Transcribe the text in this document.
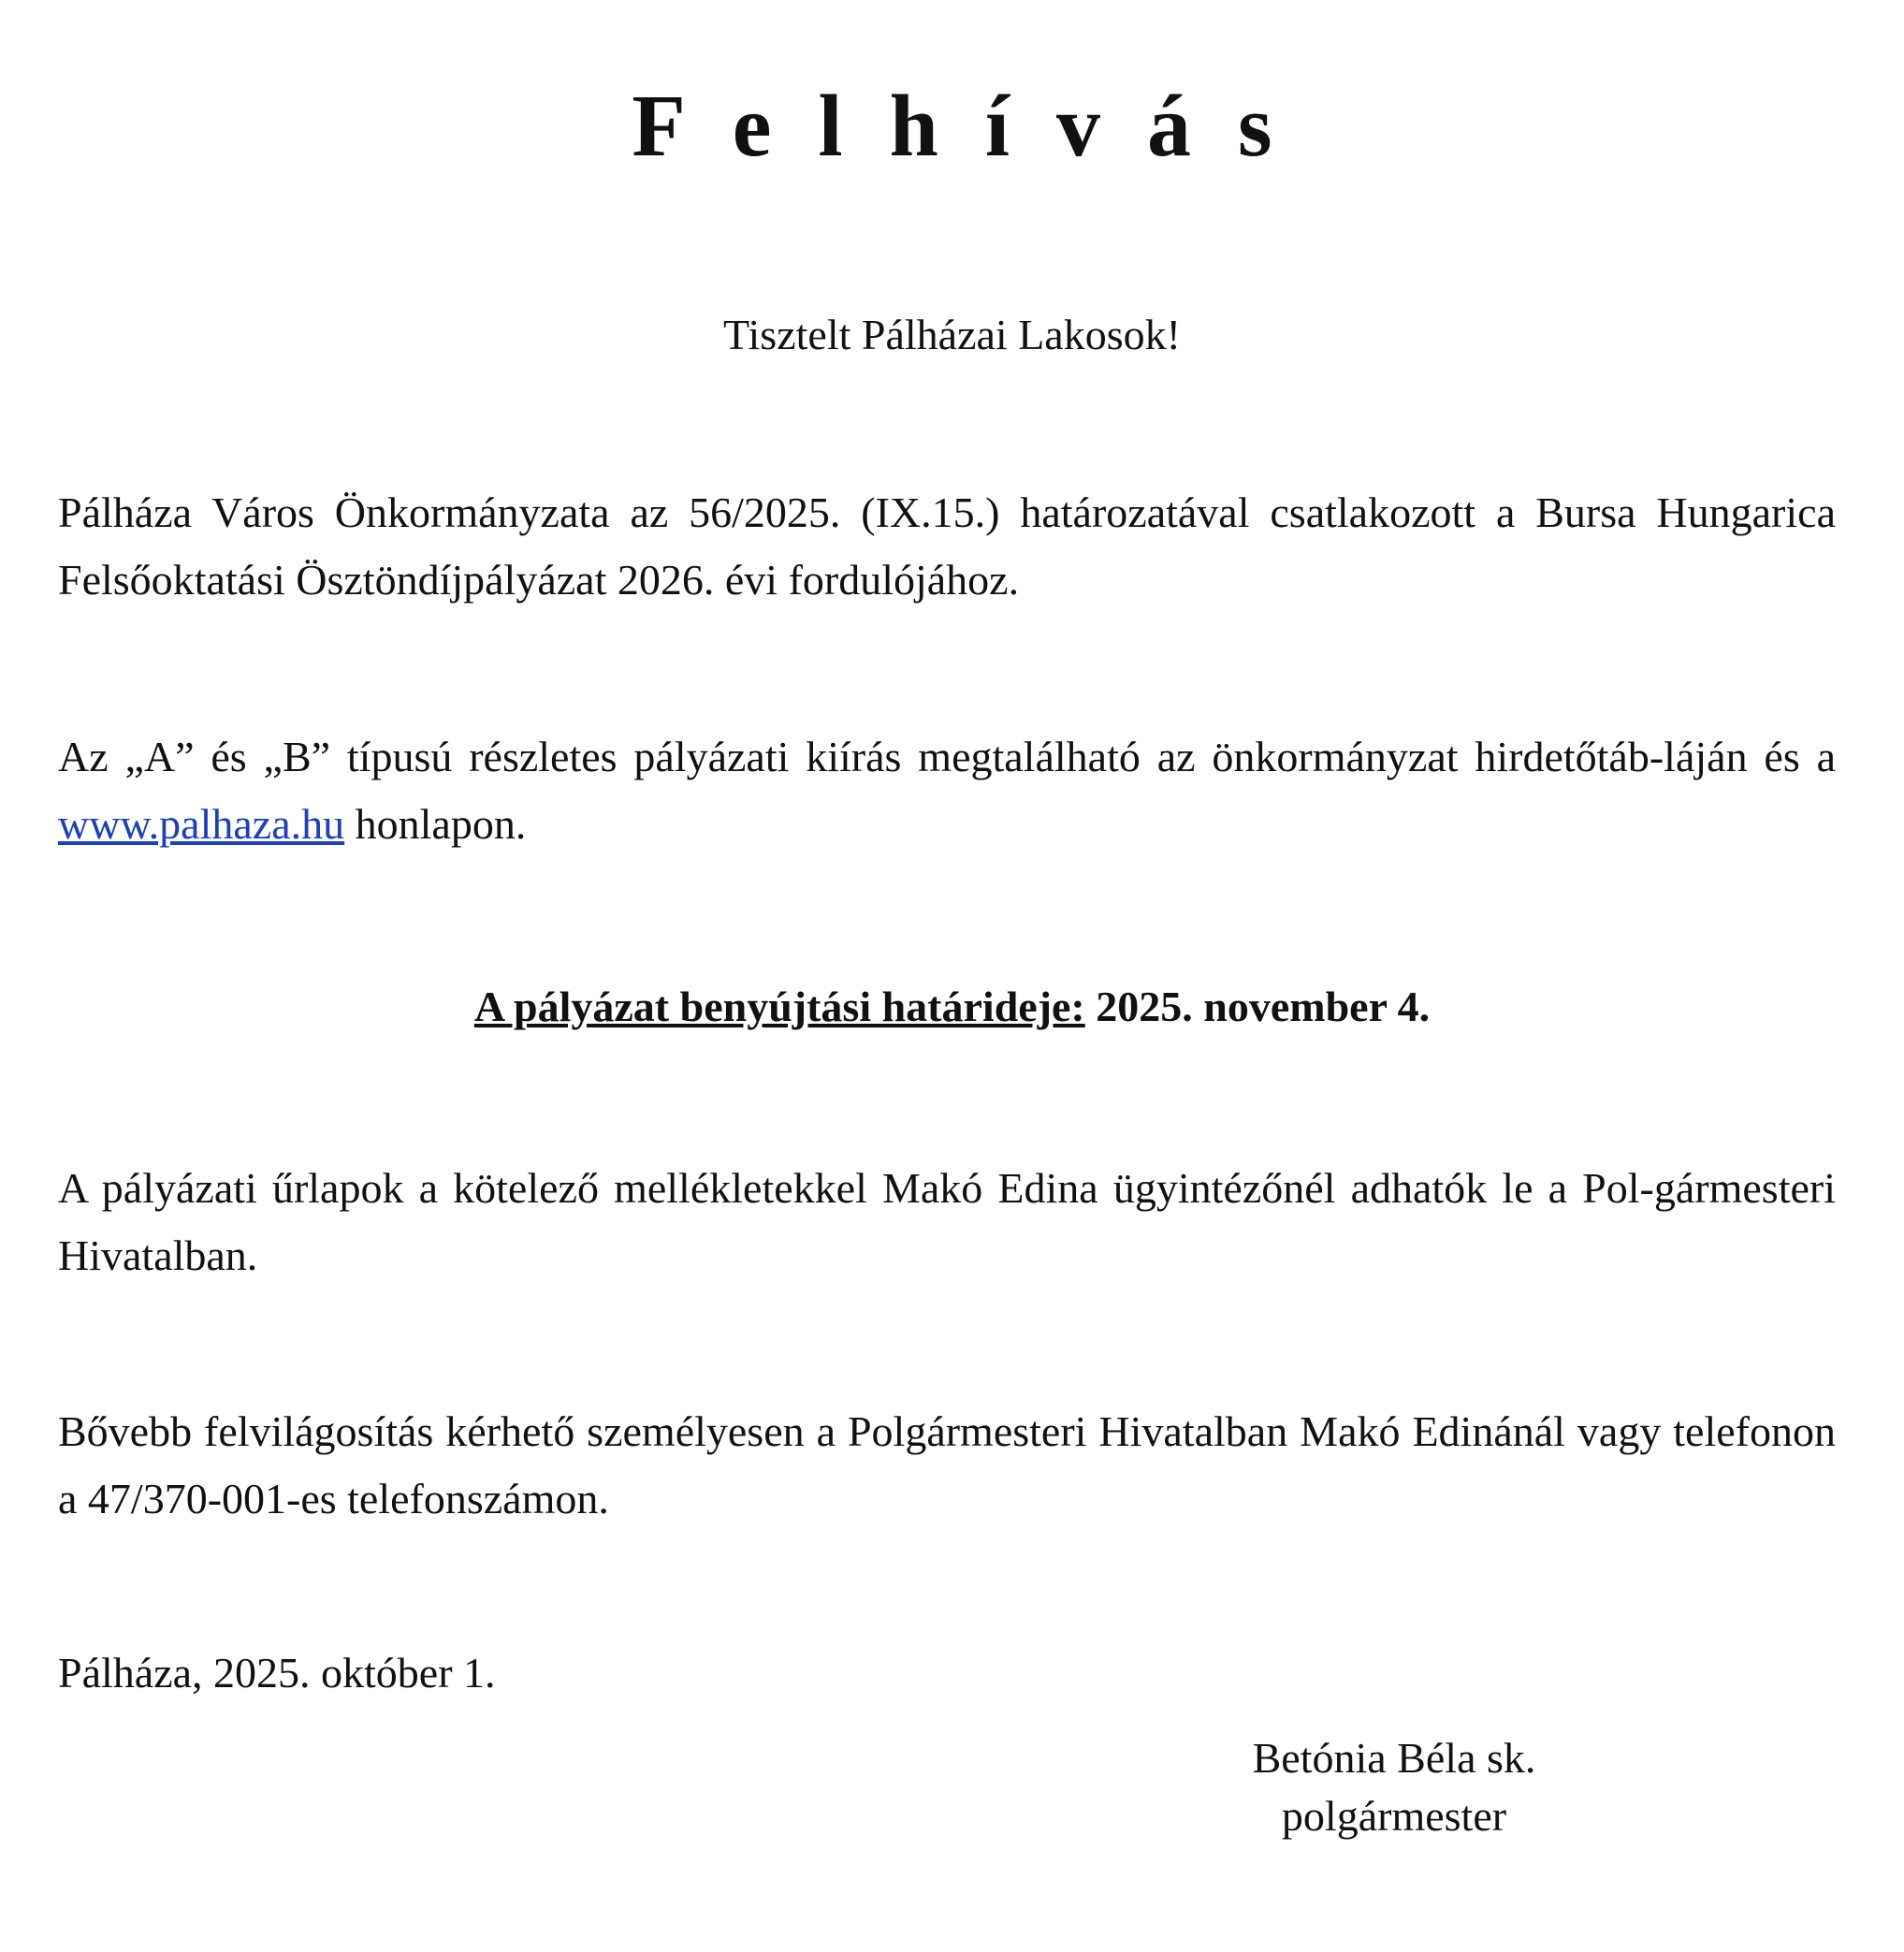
Felhívás
Tisztelt Pálházai Lakosok!
Pálháza Város Önkormányzata az 56/2025. (IX.15.) határozatával csatlakozott a Bursa Hungarica Felsőoktatási Ösztöndíjpályázat 2026. évi fordulójához.
Az „A” és „B” típusú részletes pályázati kiírás megtalálható az önkormányzat hirdetőtáb-láján és a www.palhaza.hu honlapon.
A pályázat benyújtási határideje: 2025. november 4.
A pályázati űrlapok a kötelező mellékletekkel Makó Edina ügyintézőnél adhatók le a Pol-gármesteri Hivatalban.
Bővebb felvilágosítás kérhető személyesen a Polgármesteri Hivatalban Makó Edinánál vagy telefonon a 47/370-001-es telefonszámon.
Pálháza, 2025. október 1.
Betónia Béla sk.
polgármester
